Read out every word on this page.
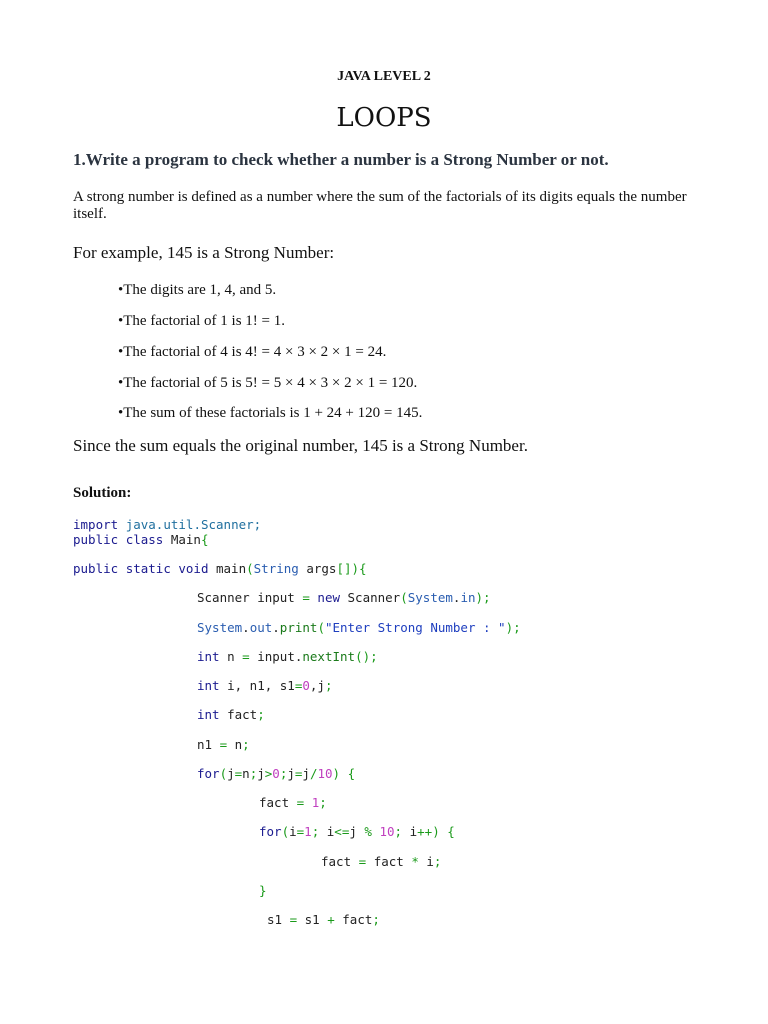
JAVA LEVEL 2
LOOPS
1.Write a program to check whether a number is a Strong Number or not.
A strong number is defined as a number where the sum of the factorials of its digits equals the number itself.
For example, 145 is a Strong Number:
•The digits are 1, 4, and 5.
•The factorial of 1 is 1! = 1.
•The factorial of 4 is 4! = 4 × 3 × 2 × 1 = 24.
•The factorial of 5 is 5! = 5 × 4 × 3 × 2 × 1 = 120.
•The sum of these factorials is 1 + 24 + 120 = 145.
Since the sum equals the original number, 145 is a Strong Number.
Solution:
import java.util.Scanner;
public class Main{
public static void main(String args[]){
Scanner input = new Scanner(System.in);
System.out.print("Enter Strong Number : ");
int n = input.nextInt();
int i, n1, s1=0,j;
int fact;
n1 = n;
for(j=n;j>0;j=j/10) {
fact = 1;
for(i=1; i<=j % 10; i++) {
fact = fact * i;
}
s1 = s1 + fact;
